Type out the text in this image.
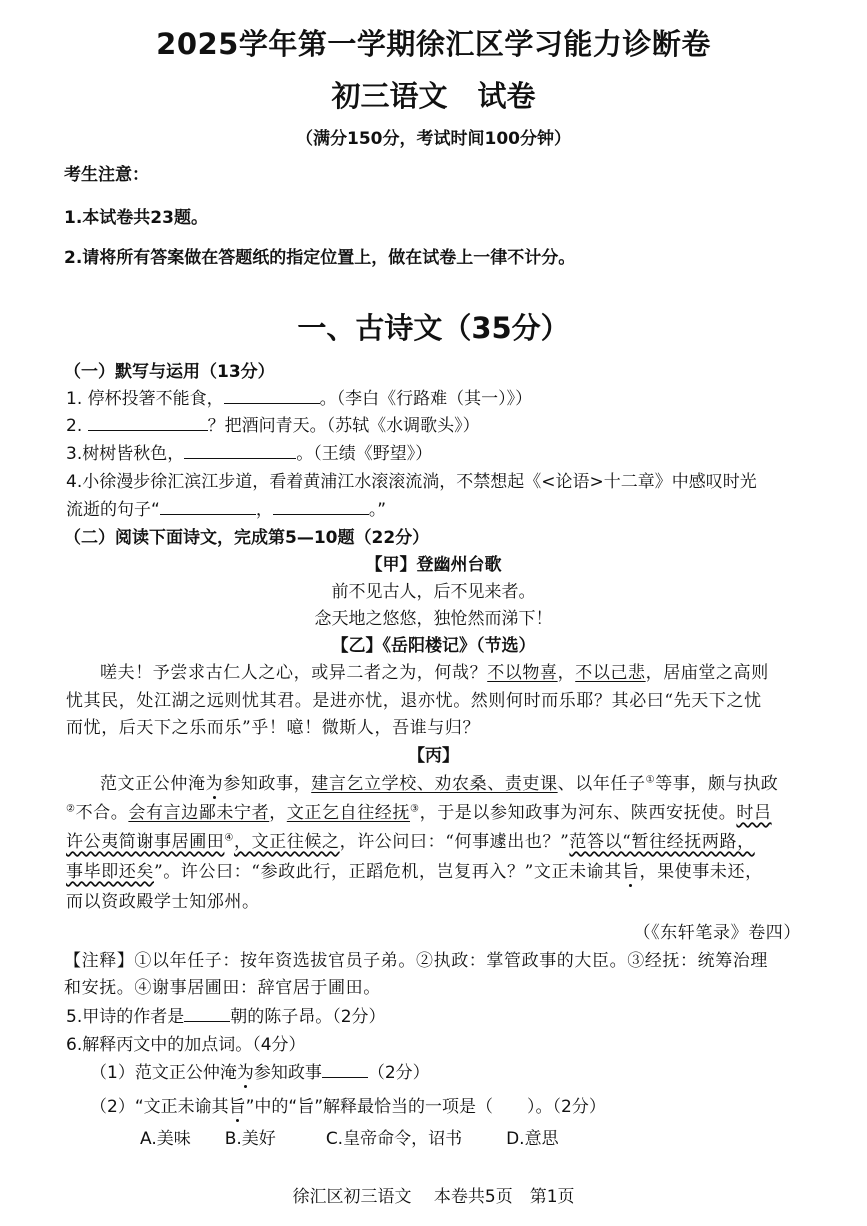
2025学年第一学期徐汇区学习能力诊断卷
初三语文 试卷
（满分150分，考试时间100分钟）
考生注意：
1.本试卷共23题。
2.请将所有答案做在答题纸的指定位置上，做在试卷上一律不计分。
一、古诗文（35分）
（一）默写与运用（13分）
1. 停杯投箸不能食，	。（李白《行路难（其一）》）
2.	？把酒问青天。（苏轼《水调歌头》）
3.树树皆秋色，	。（王绩《野望》）
4.小徐漫步徐汇滨江步道，看着黄浦江水滚滚流淌，不禁想起《<论语>十二章》中感叹时光
流逝的句子“	，	。”
（二）阅读下面诗文，完成第5—10题（22分）
【甲】登幽州台歌
前不见古人，后不见来者。
念天地之悠悠，独怆然而涕下！
【乙】《岳阳楼记》（节选）
嗟夫！予尝求古仁人之心，或异二者之为，何哉？不以物喜，不以己悲，居庙堂之高则
忧其民，处江湖之远则忧其君。是进亦忧，退亦忧。然则何时而乐耶？其必曰“先天下之忧
而忧，后天下之乐而乐”乎！噫！微斯人，吾谁与归？
【丙】
范文正公仲淹为参知政事，建言乞立学校、劝农桑、责吏课、以年任子①等事，颇与执政
②不合。会有言边鄙未宁者，文正乞自往经抚③，于是以参知政事为河东、陕西安抚使。时吕
许公夷简谢事居圃田④，文正往候之，许公问曰：“何事遽出也？”范答以“暂往经抚两路，
事毕即还矣”。许公曰：“参政此行，正蹈危机，岂复再入？”文正未谕其旨，果使事未还，
而以资政殿学士知邠州。
（《东轩笔录》卷四）
【注释】①以年任子：按年资选拔官员子弟。②执政：掌管政事的大臣。③经抚：统筹治理
和安抚。④谢事居圃田：辞官居于圃田。
5.甲诗的作者是	朝的陈子昂。（2分）
6.解释丙文中的加点词。（4分）
（1）范文正公仲淹为参知政事	（2分）
（2）“文正未谕其旨”中的“旨”解释最恰当的一项是（　　）。（2分）
A.美味 B.美好	C.皇帝命令，诏书	D.意思
徐汇区初三语文　 本卷共5页　第1页
